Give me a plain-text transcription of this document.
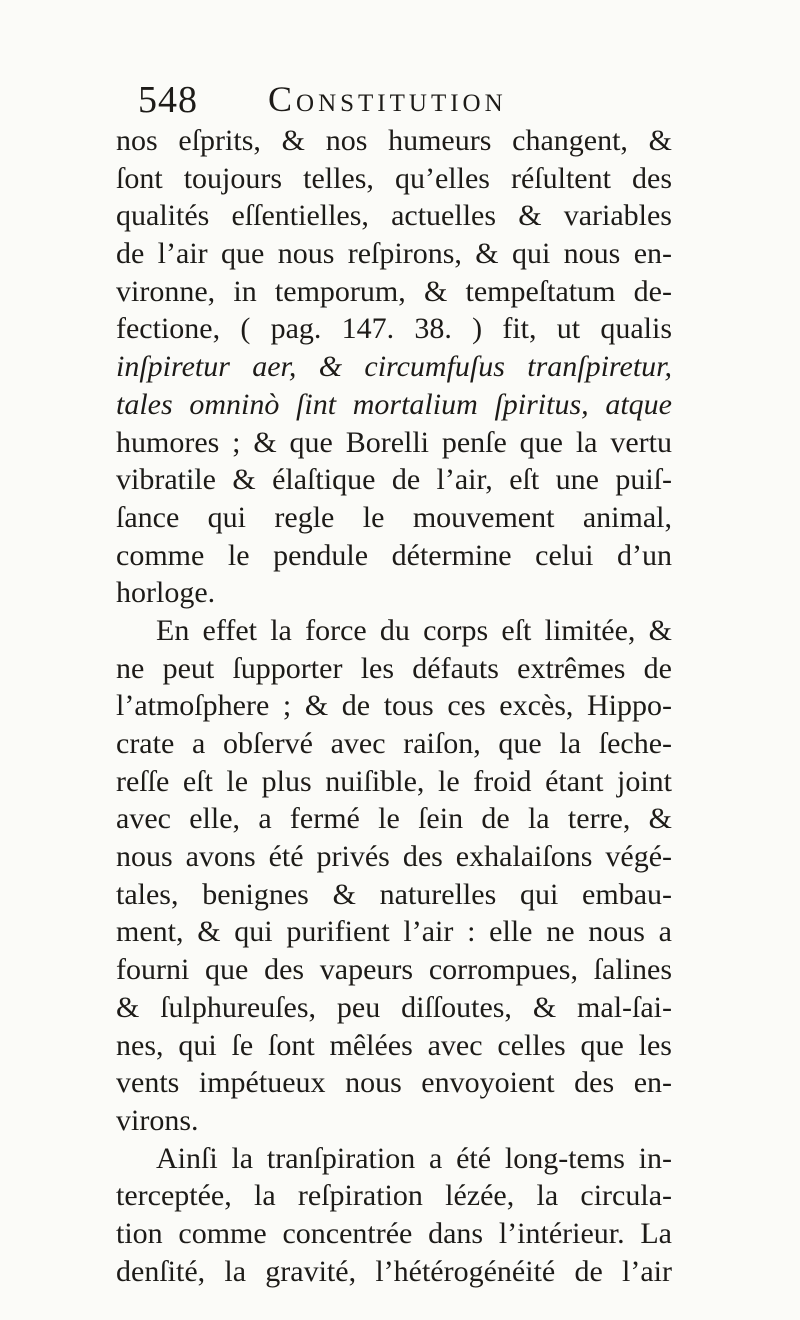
548 Constitution
nos eſprits, & nos humeurs changent, &
ſont toujours telles, qu’elles réſultent des
qualités eſſentielles, actuelles & variables
de l’air que nous reſpirons, & qui nous en-
vironne, in temporum, & tempeſtatum de-
fectione, ( pag. 147. 38. ) fit, ut qualis
inſpiretur aer, & circumfuſus tranſpiretur,
tales omninò ſint mortalium ſpiritus, atque
humores ; & que Borelli penſe que la vertu
vibratile & élaſtique de l’air, eſt une puiſ-
ſance qui regle le mouvement animal,
comme le pendule détermine celui d’un
horloge.
En effet la force du corps eſt limitée, &
ne peut ſupporter les défauts extrêmes de
l’atmoſphere ; & de tous ces excès, Hippo-
crate a obſervé avec raiſon, que la ſeche-
reſſe eſt le plus nuiſible, le froid étant joint
avec elle, a fermé le ſein de la terre, &
nous avons été privés des exhalaiſons végé-
tales, benignes & naturelles qui embau-
ment, & qui purifient l’air : elle ne nous a
fourni que des vapeurs corrompues, ſalines
& ſulphureuſes, peu diſſoutes, & mal-ſai-
nes, qui ſe ſont mêlées avec celles que les
vents impétueux nous envoyoient des en-
virons.
Ainſi la tranſpiration a été long-tems in-
terceptée, la reſpiration lézée, la circula-
tion comme concentrée dans l’intérieur. La
denſité, la gravité, l’hétérogénéité de l’air
